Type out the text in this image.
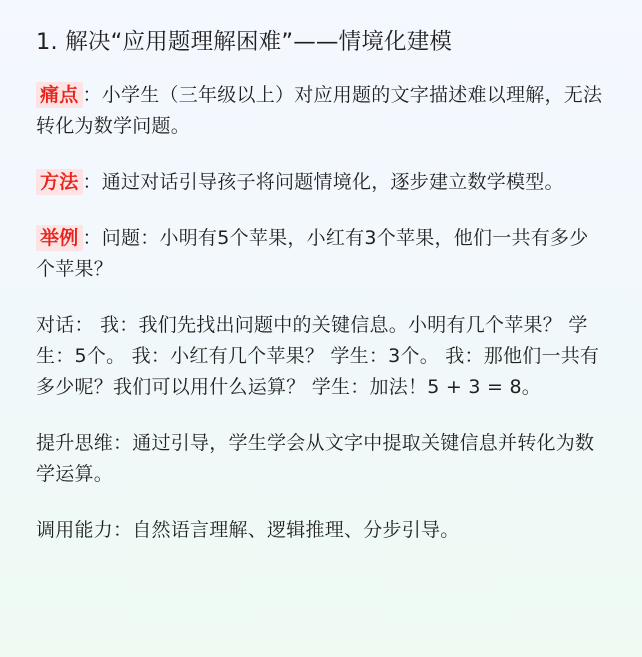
1. 解决“应用题理解困难”——情境化建模

痛点 ：小学生（三年级以上）对应用题的文字描述难以理解，无法转化为数学问题。

方法 ：通过对话引导孩子将问题情境化，逐步建立数学模型。

举例 ：问题：小明有5个苹果，小红有3个苹果，他们一共有多少个苹果？

对话： 我：我们先找出问题中的关键信息。小明有几个苹果？ 学生：5个。 我：小红有几个苹果？ 学生：3个。 我：那他们一共有多少呢？我们可以用什么运算？ 学生：加法！5 + 3 = 8。

提升思维：通过引导，学生学会从文字中提取关键信息并转化为数学运算。

调用能力：自然语言理解、逻辑推理、分步引导。
